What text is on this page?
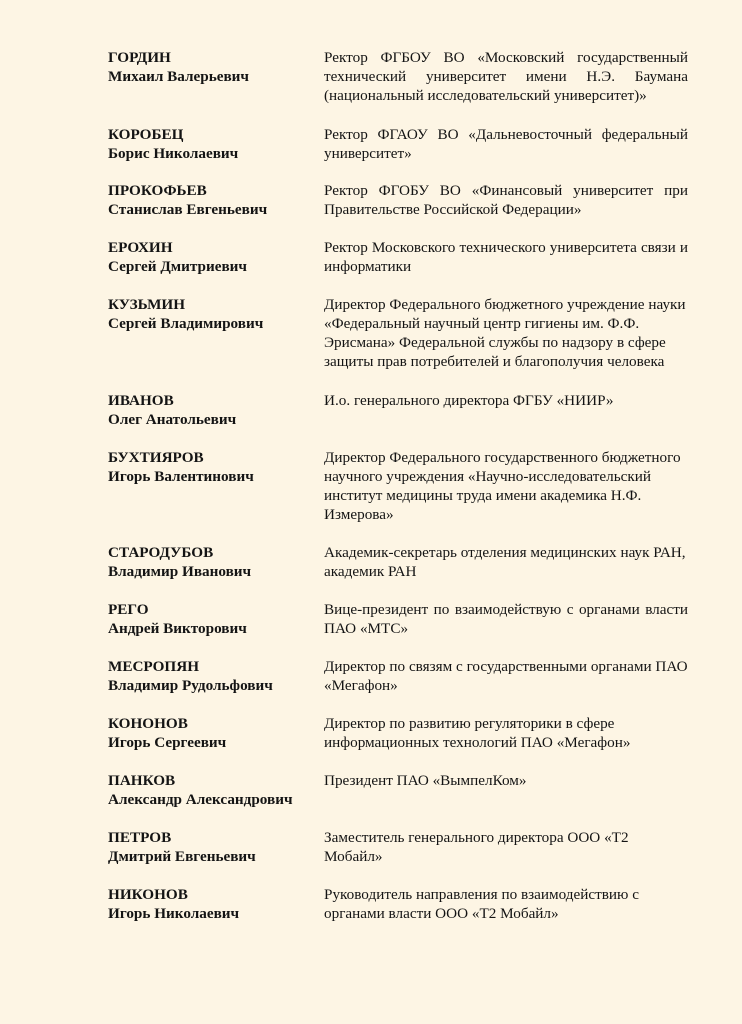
ГОРДИН
Михаил Валерьевич
Ректор ФГБОУ ВО «Московский государственный технический университет имени Н.Э. Баумана (национальный исследовательский университет)»
КОРОБЕЦ
Борис Николаевич
Ректор ФГАОУ ВО «Дальневосточный федеральный университет»
ПРОКОФЬЕВ
Станислав Евгеньевич
Ректор ФГОБУ ВО «Финансовый университет при Правительстве Российской Федерации»
ЕРОХИН
Сергей Дмитриевич
Ректор Московского технического университета связи и информатики
КУЗЬМИН
Сергей Владимирович
Директор Федерального бюджетного учреждение науки «Федеральный научный центр гигиены им. Ф.Ф. Эрисмана» Федеральной службы по надзору в сфере защиты прав потребителей и благополучия человека
ИВАНОВ
Олег Анатольевич
И.о. генерального директора ФГБУ «НИИР»
БУХТИЯРОВ
Игорь Валентинович
Директор Федерального государственного бюджетного научного учреждения «Научно-исследовательский институт медицины труда имени академика Н.Ф. Измерова»
СТАРОДУБОВ
Владимир Иванович
Академик-секретарь отделения медицинских наук РАН, академик РАН
РЕГО
Андрей Викторович
Вице-президент по взаимодействую с органами власти ПАО «МТС»
МЕСРОПЯН
Владимир Рудольфович
Директор по связям с государственными органами ПАО «Мегафон»
КОНОНОВ
Игорь Сергеевич
Директор по развитию регуляторики в сфере информационных технологий ПАО «Мегафон»
ПАНКОВ
Александр Александрович
Президент ПАО «ВымпелКом»
ПЕТРОВ
Дмитрий Евгеньевич
Заместитель генерального директора ООО «Т2 Мобайл»
НИКОНОВ
Игорь Николаевич
Руководитель направления по взаимодействию с органами власти ООО «Т2 Мобайл»
